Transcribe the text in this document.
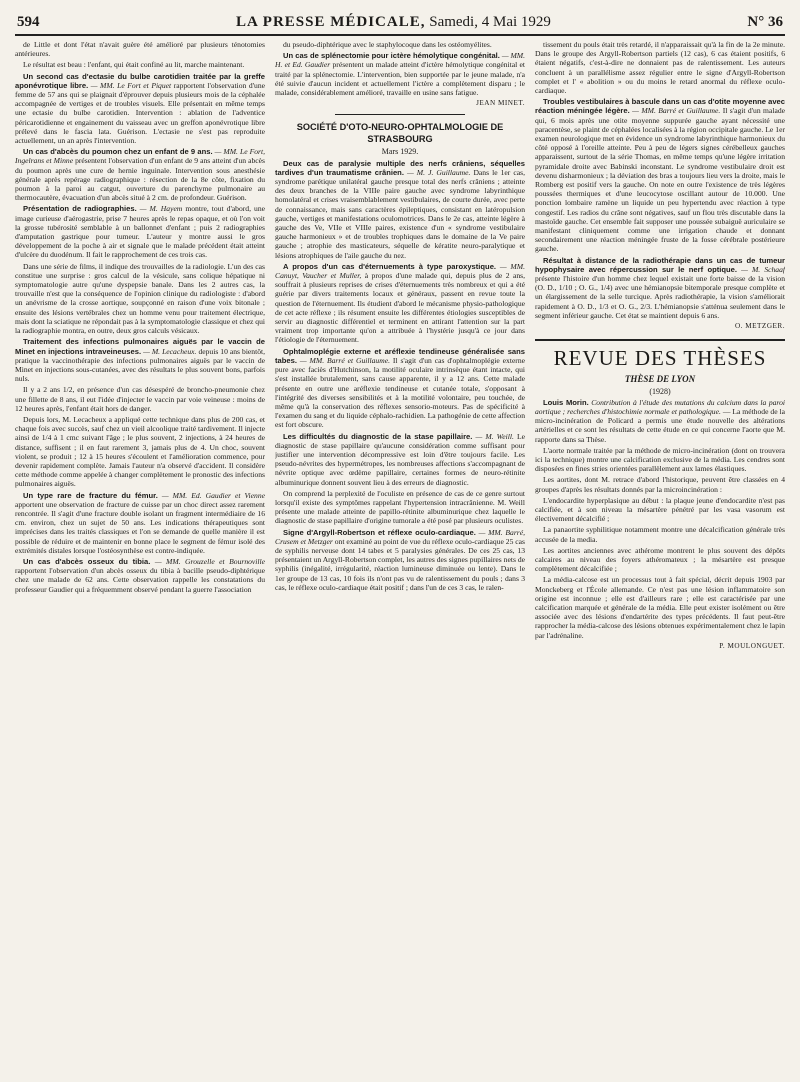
594	LA PRESSE MÉDICALE, Samedi, 4 Mai 1929	N° 36

de Little et dont l'état n'avait guère été amélioré par plusieurs ténotomies antérieures.

Le résultat est beau : l'enfant, qui était confiné au lit, marche maintenant.

Un second cas d'ectasie du bulbe carotidien traitée par la greffe aponévrotique libre. — MM. Le Fort et Piquet rapportent l'observation d'une femme de 57 ans qui se plaignait d'éprouver depuis plusieurs mois de la céphalée accompagnée de vertiges et de troubles visuels. Elle présentait en même temps une ectasie du bulbe carotidien. Intervention : ablation de l'adventice péricarotidienne et engainement du vaisseau avec un greffon aponévrotique libre prélevé dans le fascia lata. Guérison. L'ectasie ne s'est pas reproduite actuellement, un an après l'intervention.

Un cas d'abcès du poumon chez un enfant de 9 ans. — MM. Le Fort, Ingelrans et Minne présentent l'observation d'un enfant de 9 ans atteint d'un abcès du poumon après une cure de hernie inguinale. Intervention sous anesthésie générale après repérage radiographique : résection de la 8e côte, fixation du poumon à la paroi au catgut, ouverture du parenchyme pulmonaire au thermocautère, évacuation d'un abcès situé à 2 cm. de profondeur. Guérison.

Présentation de radiographies. — M. Hayem montre, tout d'abord, une image curieuse d'aérogastrie, prise 7 heures après le repas opaque, et où l'on voit la grosse tubérosité semblable à un ballonnet d'enfant ; puis 2 radiographies d'amputation gastrique pour tumeur. L'auteur y montre aussi le gros développement de la poche à air et signale que le malade précédent était atteint d'ulcère du duodénum. Il fait le rapprochement de ces trois cas.

Dans une série de films, il indique des trouvailles de la radiologie. L'un des cas constitue une surprise : gros calcul de la vésicule, sans colique hépatique ni symptomatologie autre qu'une dyspepsie banale. Dans les 2 autres cas, la trouvaille n'est que la conséquence de l'opinion clinique du radiologiste : d'abord un anévrisme de la crosse aortique, soupçonné en raison d'une voix bitonale ; ensuite des lésions vertébrales chez un homme venu pour traitement électrique, mais dont la sciatique ne répondait pas à la symptomatologie classique et chez qui la radiographie montra, en outre, deux gros calculs vésicaux.

Traitement des infections pulmonaires aiguës par le vaccin de Minet en injections intraveineuses. — M. Lecacheux. depuis 10 ans bientôt, pratique la vaccinothérapie des infections pulmonaires aiguës par le vaccin de Minet en injections sous-cutanées, avec des résultats le plus souvent bons, parfois nuls.

Il y a 2 ans 1/2, en présence d'un cas désespéré de broncho-pneumonie chez une fillette de 8 ans, il eut l'idée d'injecter le vaccin par voie veineuse : moins de 12 heures après, l'enfant était hors de danger.

Depuis lors, M. Lecacheux a appliqué cette technique dans plus de 200 cas, et chaque fois avec succès, sauf chez un vieil alcoolique traité tardivement. Il injecte ainsi de 1/4 à 1 cmc suivant l'âge ; le plus souvent, 2 injections, à 24 heures de distance, suffisent ; il en faut rarement 3, jamais plus de 4. Un choc, souvent violent, se produit ; 12 à 15 heures s'écoulent et l'amélioration commence, pour devenir rapidement complète. Jamais l'auteur n'a observé d'accident. Il considère cette méthode comme appelée à changer complètement le pronostic des infections pulmonaires aiguës.

Un type rare de fracture du fémur. — MM. Ed. Gaudier et Vienne apportent une observation de fracture de cuisse par un choc direct assez rarement rencontrée. Il s'agit d'une fracture double isolant un fragment intermédiaire de 16 cm. environ, chez un sujet de 50 ans. Les indications thérapeutiques sont imprécises dans les traités classiques et l'on se demande de quelle manière il est possible de réduire et de maintenir en bonne place le segment de fémur isolé des extrémités distales lorsque l'ostéosynthèse est contre-indiquée.

Un cas d'abcès osseux du tibia. — MM. Grouzelle et Bournoville rapportent l'observation d'un abcès osseux du tibia à bacille pseudo-diphtérique chez une malade de 62 ans. Cette observation rappelle les constatations du professeur Gaudier qui a fréquemment observé pendant la guerre l'association

du pseudo-diphtérique avec le staphylocoque dans les ostéomyélites.

Un cas de splénectomie pour ictère hémolytique congénital. — MM. H. et Ed. Gaudier présentent un malade atteint d'ictère hémolytique congénital et traité par la splénectomie. L'intervention, bien supportée par le jeune malade, n'a été suivie d'aucun incident et actuellement l'ictère a complètement disparu ; le malade, considérablement amélioré, travaille en usine sans fatigue.

JEAN MINET.

SOCIÉTÉ D'OTO-NEURO-OPHTALMOLOGIE DE STRASBOURG

Mars 1929.

Deux cas de paralysie multiple des nerfs crâniens, séquelles tardives d'un traumatisme crânien. — M. J. Guillaume. Dans le 1er cas, syndrome parétique unilatéral gauche presque total des nerfs crâniens ; atteinte des deux branches de la VIIIe paire gauche avec syndrome labyrinthique homolatéral et crises vraisemblablement vestibulaires, de courte durée, avec perte de connaissance, mais sans caractères épileptiques, consistant en latéropulsion gauche, vertiges et manifestations oculomotrices. Dans le 2e cas, atteinte légère à gauche des Ve, VIIe et VIIIe paires, existence d'un « syndrome vestibulaire gauche harmonieux » et de troubles trophiques dans le domaine de la Ve paire gauche ; atrophie des masticateurs, séquelle de kératite neuro-paralytique et lésions atrophiques de l'aile gauche du nez.

A propos d'un cas d'éternuements à type paroxystique. — MM. Canuyt, Vaucher et Muller, à propos d'une malade qui, depuis plus de 2 ans, souffrait à plusieurs reprises de crises d'éternuements très nombreux et qui a été guérie par divers traitements locaux et généraux, passent en revue toute la question de l'éternuement. Ils étudient d'abord le mécanisme physio-pathologique de cet acte réflexe ; ils résument ensuite les différentes étiologies susceptibles de servir au diagnostic différentiel et terminent en attirant l'attention sur la part vraiment trop importante qu'on a attribuée à l'hystérie jusqu'à ce jour dans l'étiologie de l'éternuement.

Ophtalmoplégie externe et aréflexie tendineuse généralisée sans tabes. — MM. Barré et Guillaume. Il s'agit d'un cas d'ophtalmoplégie externe pure avec faciès d'Hutchinson, la motilité oculaire intrinsèque étant intacte, qui s'est installée brutalement, sans cause apparente, il y a 12 ans. Cette malade présente en outre une aréflexie tendineuse et cutanée totale, s'opposant à l'intégrité des diverses sensibilités et à la motilité volontaire, peu touchée, de même qu'à la conservation des réflexes sensorio-moteurs. Pas de spécificité à l'examen du sang et du liquide céphalo-rachidien. La pathogénie de cette affection est fort obscure.

Les difficultés du diagnostic de la stase papillaire. — M. Weill. Le diagnostic de stase papillaire qu'aucune considération comme suffisant pour justifier une intervention décompressive est loin d'être toujours facile. Les pseudo-névrites des hypermétropes, les nombreuses affections s'accompagnant de névrite optique avec œdème papillaire, certaines formes de neuro-rétinite albuminurique donnent souvent lieu à des erreurs de diagnostic.

On comprend la perplexité de l'oculiste en présence de cas de ce genre surtout lorsqu'il existe des symptômes rappelant l'hypertension intracrânienne. M. Weill présente une malade atteinte de papillo-rétinite albuminurique chez laquelle le diagnostic de stase papillaire d'origine tumorale a été posé par plusieurs oculistes.

Signe d'Argyll-Robertson et réflexe oculo-cardiaque. — MM. Barré, Crusem et Metzger ont examiné au point de vue du réflexe oculo-cardiaque 25 cas de syphilis nerveuse dont 14 tabes et 5 paralysies générales. De ces 25 cas, 13 présentaient un Argyll-Robertson complet, les autres des signes pupillaires nets de syphilis (inégalité, irrégularité, réaction lumineuse diminuée ou lente). Dans le 1er groupe de 13 cas, 10 fois ils n'ont pas vu de ralentissement du pouls ; dans 3 cas, le réflexe oculo-cardiaque était positif ; dans l'un de ces 3 cas, le ralen-

tissement du pouls était très retardé, il n'apparaissait qu'à la fin de la 2e minute. Dans le groupe des Argyll-Robertson partiels (12 cas), 6 cas étaient positifs, 6 étaient négatifs, c'est-à-dire ne donnaient pas de ralentissement. Les auteurs concluent à un parallélisme assez régulier entre le signe d'Argyll-Robertson complet et l' « abolition » ou du moins le retard anormal du réflexe oculo-cardiaque.

Troubles vestibulaires à bascule dans un cas d'otite moyenne avec réaction méningée légère. — MM. Barré et Guillaume. Il s'agit d'un malade qui, 6 mois après une otite moyenne suppurée gauche ayant nécessité une paracentèse, se plaint de céphalées localisées à la région occipitale gauche. Le 1er examen neurologique met en évidence un syndrome labyrinthique harmonieux du côté opposé à l'oreille atteinte. Peu à peu de légers signes cérébelleux gauches apparaissent, surtout de la série Thomas, en même temps qu'une légère irritation pyramidale droite avec Babinski inconstant. Le syndrome vestibulaire droit est devenu disharmonieux ; la déviation des bras a toujours lieu vers la droite, mais le Romberg est positif vers la gauche. On note en outre l'existence de très légères poussées thermiques et d'une leucocytose oscillant autour de 10.000. Une ponction lombaire ramène un liquide un peu hypertendu avec réaction à type congestif. Les radios du crâne sont négatives, sauf un flou très discutable dans la mastoïde gauche. Cet ensemble fait supposer une poussée subaiguë auriculaire se manifestant cliniquement comme une irrigation chaude et donnant secondairement une réaction méningée fruste de la fosse cérébrale postérieure gauche.

Résultat à distance de la radiothérapie dans un cas de tumeur hypophysaire avec répercussion sur le nerf optique. — M. Schaaf présente l'histoire d'un homme chez lequel existait une forte baisse de la vision (O. D., 1/10 ; O. G., 1/4) avec une hémianopsie bitemporale presque complète et un élargissement de la selle turcique. Après radiothérapie, la vision s'améliorait rapidement à O. D., 1/3 et O. G., 2/3. L'hémianopsie s'atténua seulement dans le segment inférieur gauche. Cet état se maintient depuis 6 ans.

O. METZGER.

REVUE DES THÈSES

THÈSE DE LYON

(1928)

Louis Morin. Contribution à l'étude des mutations du calcium dans la paroi aortique ; recherches d'histochimie normale et pathologique. — La méthode de la micro-incinération de Policard a permis une étude nouvelle des altérations artérielles et ce sont les résultats de cette étude en ce qui concerne l'aorte que M. rapporte dans sa Thèse.

L'aorte normale traitée par la méthode de micro-incinération (dont on trouvera ici la technique) montre une calcification exclusive de la média. Les cendres sont disposées en fines stries orientées parallèlement aux lames élastiques.

Les aortites, dont M. retrace d'abord l'historique, peuvent être classées en 4 groupes d'après les résultats donnés par la microincinération :

L'endocardite hyperplasique au début : la plaque jeune d'endocardite n'est pas calcifiée, et à son niveau la mésartère pénétré par les vasa vasorum est électivement décalcifié ;

La panaortite syphilitique notamment montre une décalcification générale très accusée de la media.

Les aortites anciennes avec athérome montrent le plus souvent des dépôts calcaires au niveau des foyers athéromateux ; la mésartère est presque complètement décalcifiée ;

La média-calcose est un processus tout à fait spécial, décrit depuis 1903 par Monckeberg et l'École allemande. Ce n'est pas une lésion inflammatoire son origine est inconnue ; elle est d'ailleurs rare ; elle est caractérisée par une calcification marquée et générale de la média. Elle peut exister isolément ou être associée avec des lésions d'endartérite des types précédents. Il faut peut-être rapprocher la média-calcose des lésions obtenues expérimentalement chez le lapin par l'adrénaline.

P. MOULONGUET.
